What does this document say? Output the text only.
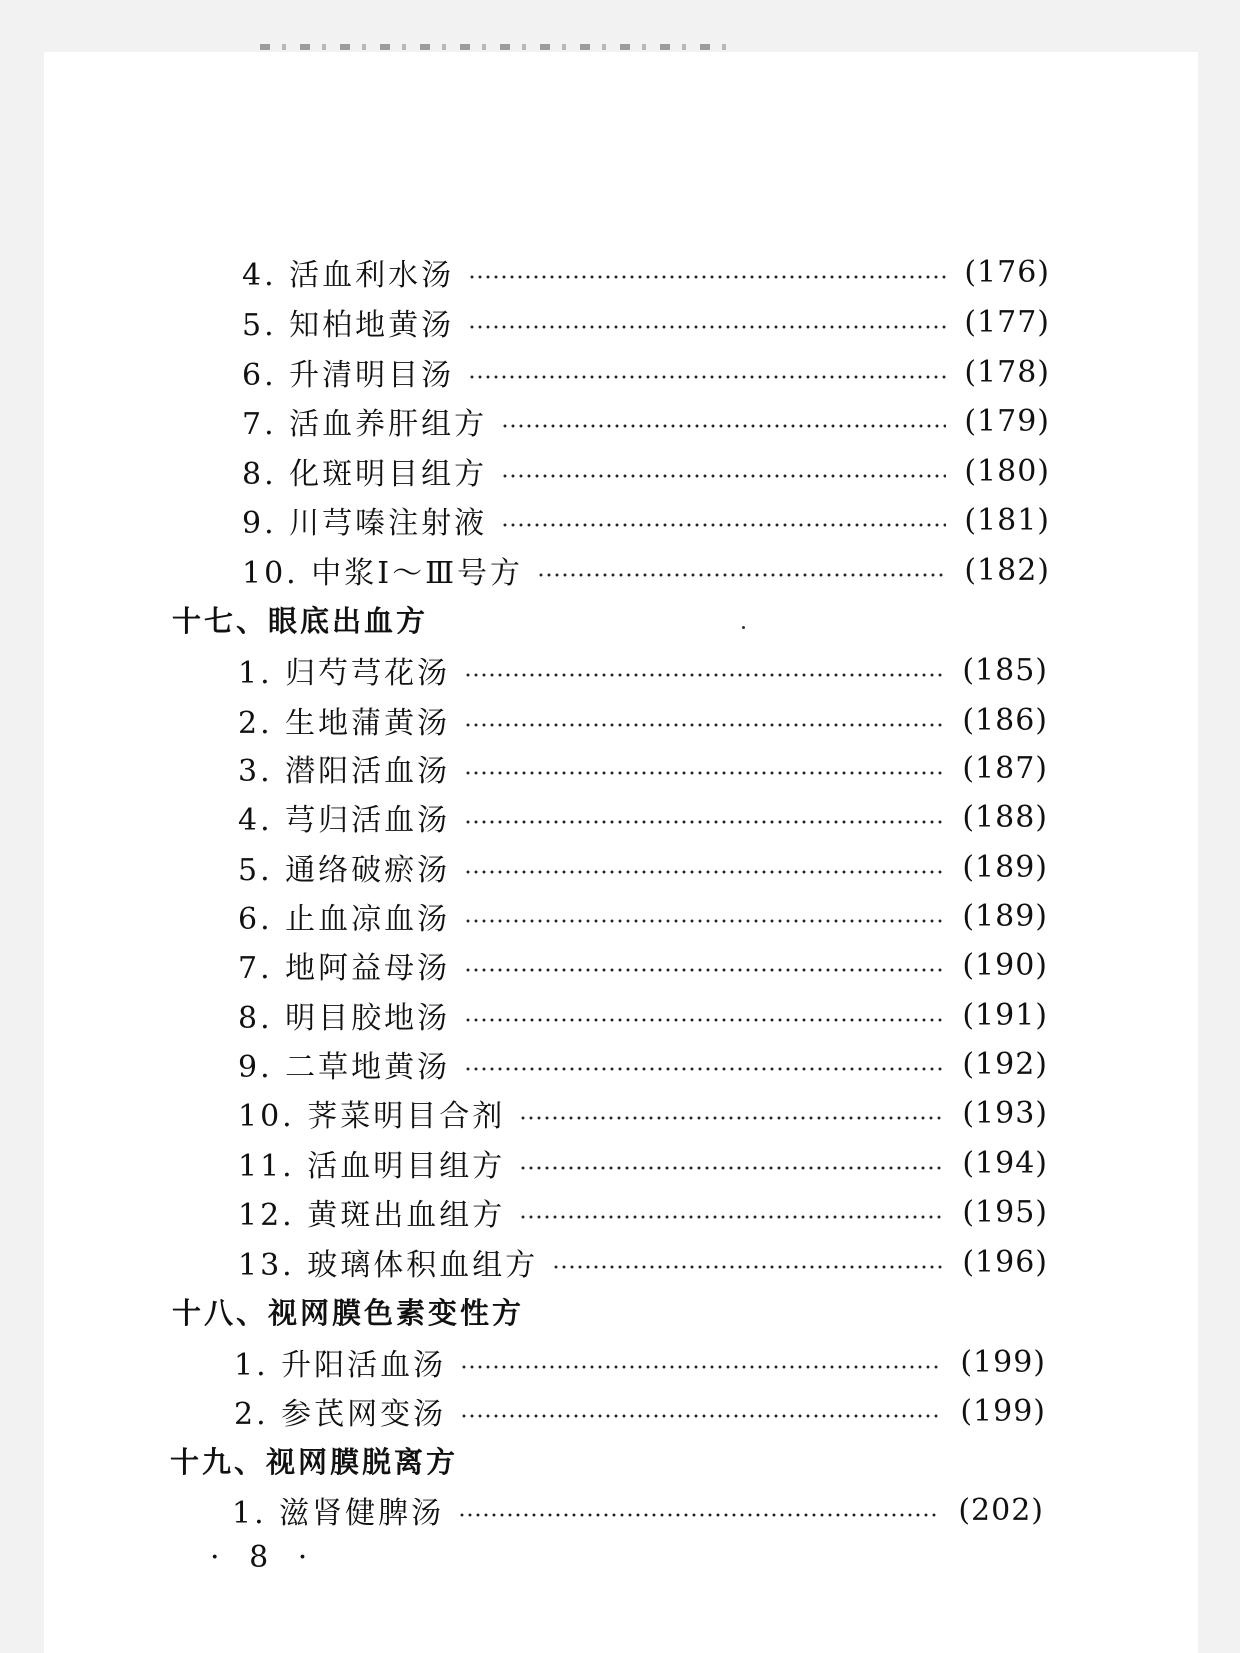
4. 活血利水汤	(176)
5. 知柏地黄汤	(177)
6. 升清明目汤	(178)
7. 活血养肝组方	(179)
8. 化斑明目组方	(180)
9. 川芎嗪注射液	(181)
10. 中浆Ⅰ～Ⅲ号方	(182)
十七、眼底出血方
1. 归芍芎花汤	(185)
2. 生地蒲黄汤	(186)
3. 潜阳活血汤	(187)
4. 芎归活血汤	(188)
5. 通络破瘀汤	(189)
6. 止血凉血汤	(189)
7. 地阿益母汤	(190)
8. 明目胶地汤	(191)
9. 二草地黄汤	(192)
10. 荠菜明目合剂	(193)
11. 活血明目组方	(194)
12. 黄斑出血组方	(195)
13. 玻璃体积血组方	(196)
十八、视网膜色素变性方
1. 升阳活血汤	(199)
2. 参芪网变汤	(199)
十九、视网膜脱离方
1. 滋肾健脾汤	(202)
· 8 ·
